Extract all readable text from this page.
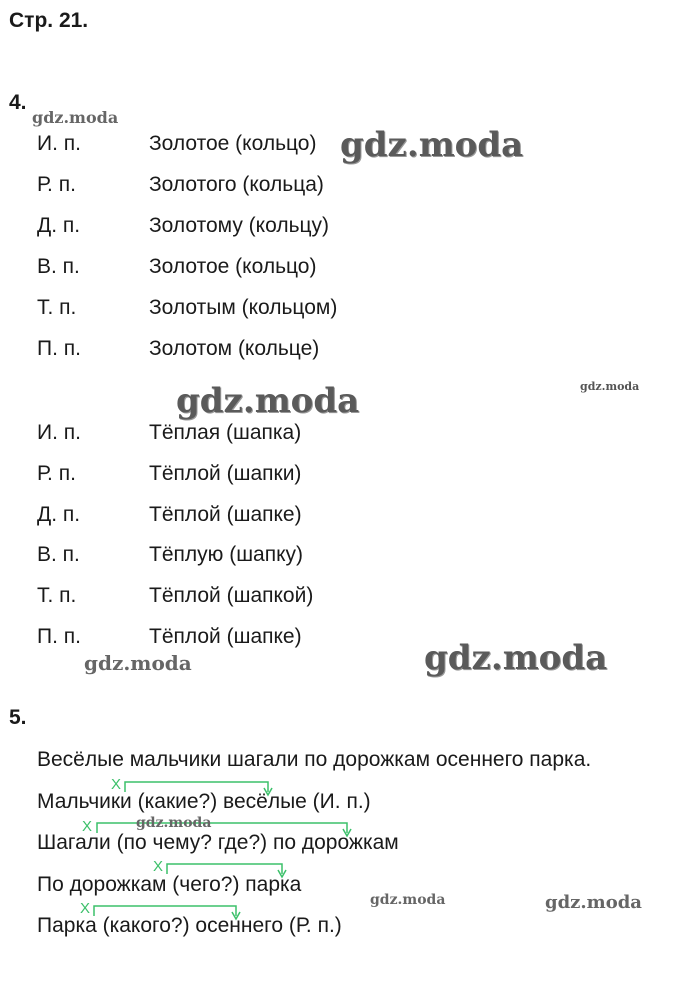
Стр. 21.
4.
И. п.	Золотое (кольцо)
Р. п.	Золотого (кольца)
Д. п.	Золотому (кольцу)
В. п.	Золотое (кольцо)
Т. п.	Золотым (кольцом)
П. п.	Золотом (кольце)
И. п.	Тёплая (шапка)
Р. п.	Тёплой (шапки)
Д. п.	Тёплой (шапке)
В. п.	Тёплую (шапку)
Т. п.	Тёплой (шапкой)
П. п.	Тёплой (шапке)
5.
Весёлые мальчики шагали по дорожкам осеннего парка.
Мальчики (какие?) весёлые (И. п.)
Шагали (по чему? где?) по дорожкам
По дорожкам (чего?) парка
Парка (какого?) осеннего (Р. п.)
X
X
X
X
gdz.moda
gdz.moda
gdz.moda	gdz.moda
gdz.moda	gdz.moda
gdz.moda
gdz.moda	gdz.moda
